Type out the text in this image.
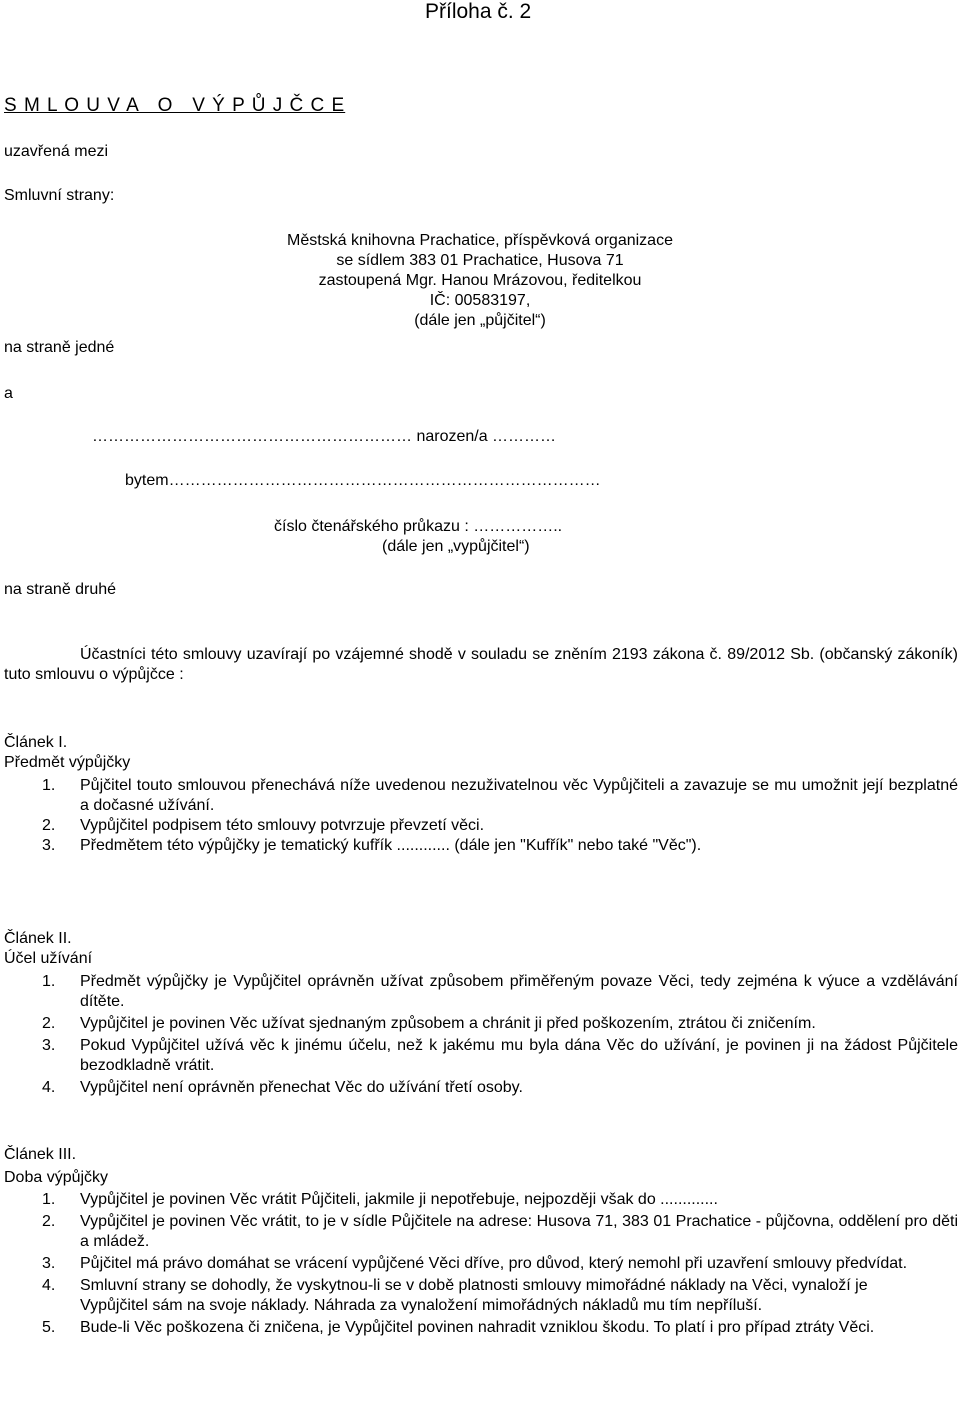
Příloha č. 2
S M L O U V A   O   V Ý P Ů J Č C E
uzavřená mezi
Smluvní strany:
Městská knihovna Prachatice, příspěvková organizace
se sídlem 383 01 Prachatice, Husova 71
zastoupená Mgr. Hanou Mrázovou, ředitelkou
IČ: 00583197,
(dále jen „půjčitel“)
na straně jedné
a
…………………………………………………… narozen/a …………
bytem………………………………………………………………………
číslo čtenářského průkazu : ……………..
(dále jen „vypůjčitel“)
na straně druhé
Účastníci této smlouvy uzavírají po vzájemné shodě v souladu se zněním 2193 zákona č. 89/2012 Sb. (občanský zákoník) tuto smlouvu o výpůjčce :
Článek I.
Předmět výpůjčky
1. Půjčitel touto smlouvou přenechává níže uvedenou nezuživatelnou věc Vypůjčiteli a zavazuje se mu umožnit její bezplatné a dočasné užívání.
2. Vypůjčitel podpisem této smlouvy potvrzuje převzetí věci.
3. Předmětem této výpůjčky je tematický kufřík ............ (dále jen "Kufřík" nebo také "Věc").
Článek II.
Účel užívání
1. Předmět výpůjčky je Vypůjčitel oprávněn užívat způsobem přiměřeným povaze Věci, tedy zejména k výuce a vzdělávání dítěte.
2. Vypůjčitel je povinen Věc užívat sjednaným způsobem a chránit ji před poškozením, ztrátou či zničením.
3. Pokud Vypůjčitel užívá věc k jinému účelu, než k jakému mu byla dána Věc do užívání, je povinen ji na žádost Půjčitele bezodkladně vrátit.
4. Vypůjčitel není oprávněn přenechat Věc do užívání třetí osoby.
Článek III.
Doba výpůjčky
1. Vypůjčitel je povinen Věc vrátit Půjčiteli, jakmile ji nepotřebuje, nejpozději však do .............
2. Vypůjčitel je povinen Věc vrátit, to je v sídle Půjčitele na adrese: Husova 71, 383 01 Prachatice - půjčovna, oddělení pro děti a mládež.
3. Půjčitel má právo domáhat se vrácení vypůjčené Věci dříve, pro důvod, který nemohl při uzavření smlouvy předvídat.
4. Smluvní strany se dohodly, že vyskytnou-li se v době platnosti smlouvy mimořádné náklady na Věci, vynaloží je Vypůjčitel sám na svoje náklady. Náhrada za vynaložení mimořádných nákladů mu tím nepříluší.
5. Bude-li Věc poškozena či zničena, je Vypůjčitel povinen nahradit vzniklou škodu. To platí i pro případ ztráty Věci.
